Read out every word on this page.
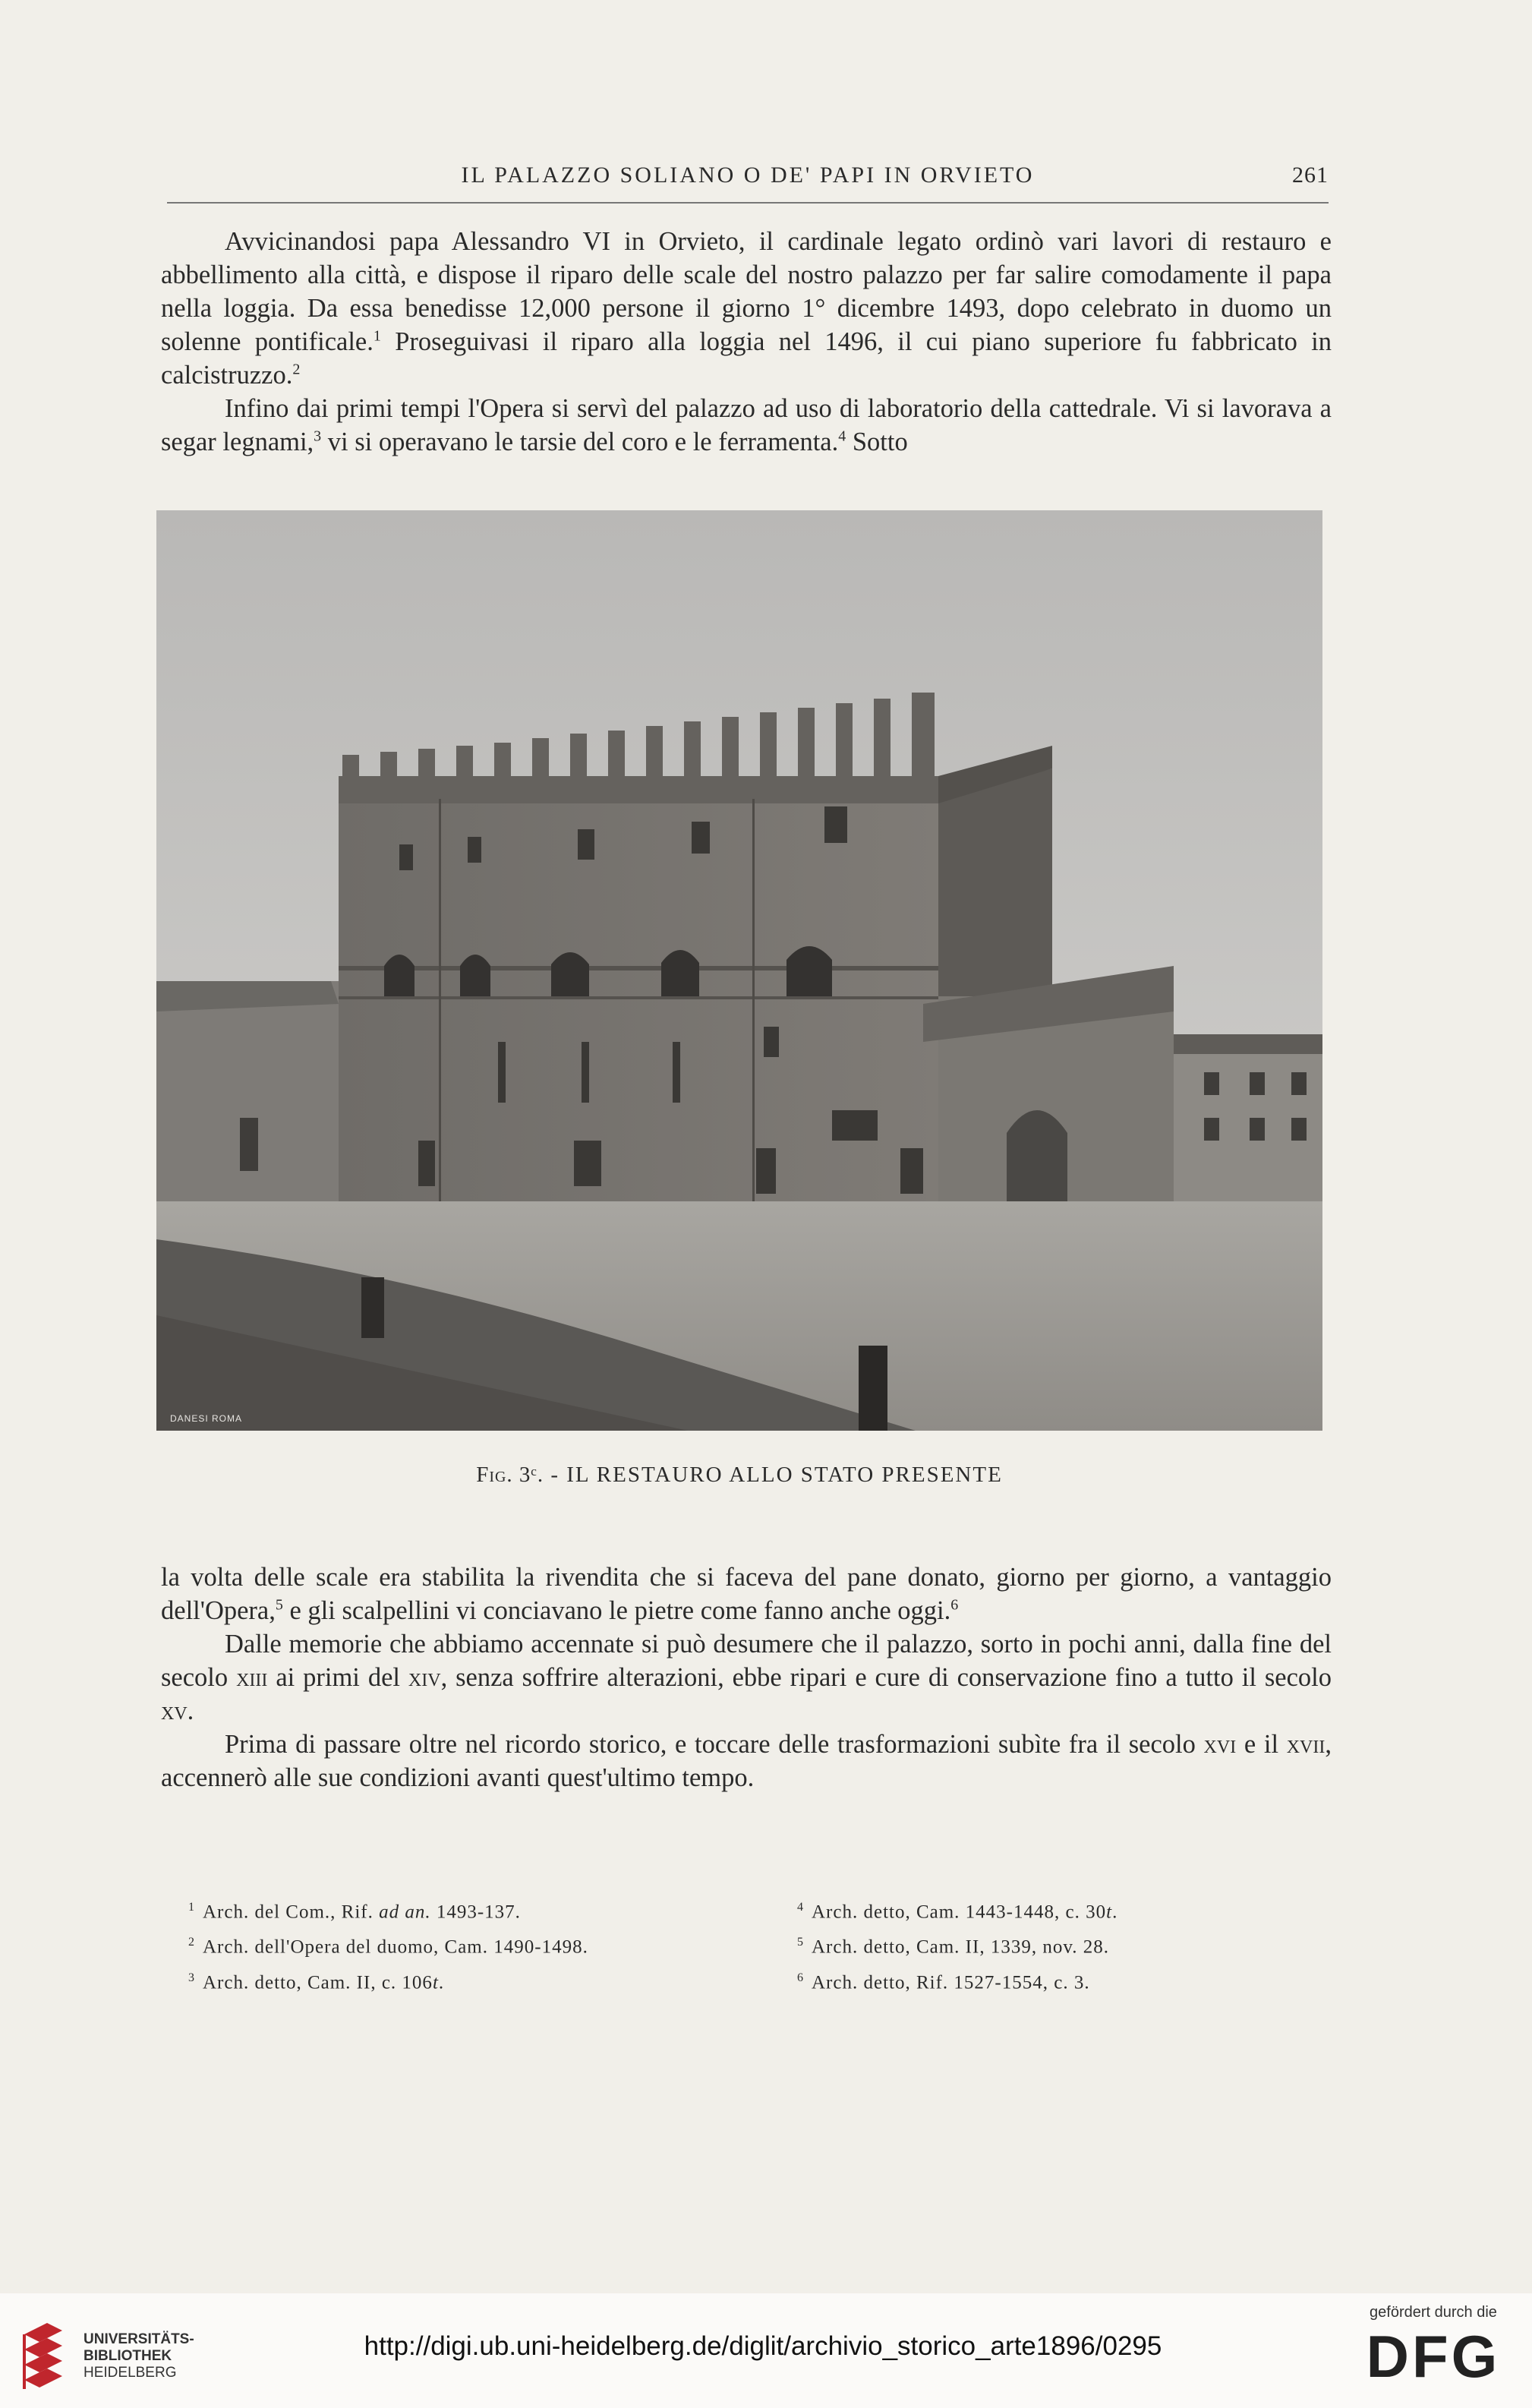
IL PALAZZO SOLIANO O DE' PAPI IN ORVIETO	261

Avvicinandosi papa Alessandro VI in Orvieto, il cardinale legato ordinò vari lavori di restauro e abbellimento alla città, e dispose il riparo delle scale del nostro palazzo per far salire comodamente il papa nella loggia. Da essa benedisse 12,000 persone il giorno 1° dicembre 1493, dopo celebrato in duomo un solenne pontificale.$^1$ Proseguivasi il riparo alla loggia nel 1496, il cui piano superiore fu fabbricato in calcistruzzo.$^2$

Infino dai primi tempi l'Opera si servì del palazzo ad uso di laboratorio della cattedrale. Vi si lavorava a segar legnami,$^3$ vi si operavano le tarsie del coro e le ferramenta.$^4$ Sotto

DANESI ROMA
Fig. 3ᶜ. - IL RESTAURO ALLO STATO PRESENTE

la volta delle scale era stabilita la rivendita che si faceva del pane donato, giorno per giorno, a vantaggio dell'Opera,$^5$ e gli scalpellini vi conciavano le pietre come fanno anche oggi.$^6$

Dalle memorie che abbiamo accennate si può desumere che il palazzo, sorto in pochi anni, dalla fine del secolo xiii ai primi del xiv, senza soffrire alterazioni, ebbe ripari e cure di conservazione fino a tutto il secolo xv.

Prima di passare oltre nel ricordo storico, e toccare delle trasformazioni subìte fra il secolo xvi e il xvii, accennerò alle sue condizioni avanti quest'ultimo tempo.

$^1$ Arch. del Com., Rif. ad an. 1493-137.
$^2$ Arch. dell'Opera del duomo, Cam. 1490-1498.
$^3$ Arch. detto, Cam. II, c. 106t.
$^4$ Arch. detto, Cam. 1443-1448, c. 30t.
$^5$ Arch. detto, Cam. II, 1339, nov. 28.
$^6$ Arch. detto, Rif. 1527-1554, c. 3.
UNIVERSITÄTS-
BIBLIOTHEK
HEIDELBERG
http://digi.ub.uni-heidelberg.de/diglit/archivio_storico_arte1896/0295
gefördert durch die
DFG
